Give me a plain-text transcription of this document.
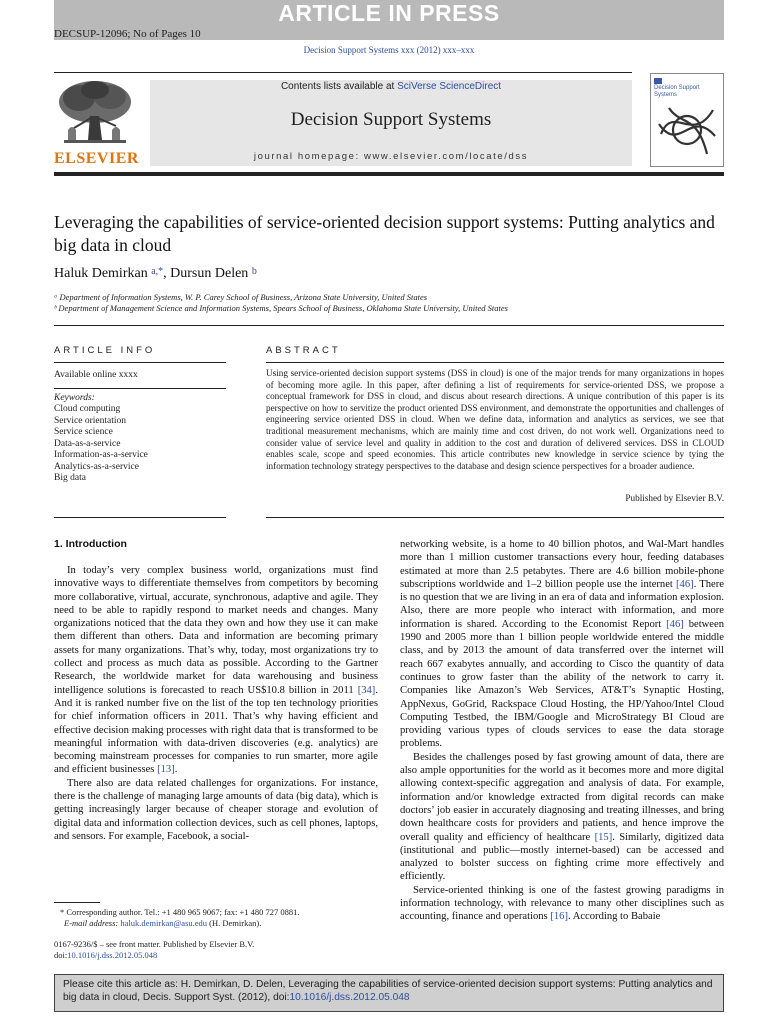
ARTICLE IN PRESS
DECSUP-12096; No of Pages 10
Decision Support Systems xxx (2012) xxx–xxx
Contents lists available at SciVerse ScienceDirect
Decision Support Systems
journal homepage: www.elsevier.com/locate/dss
ELSEVIER
Decision Support Systems
Leveraging the capabilities of service-oriented decision support systems: Putting analytics and big data in cloud
Haluk Demirkan $^{a,*}$, Dursun Delen $^b$
ᵃ Department of Information Systems, W. P. Carey School of Business, Arizona State University, United States
ᵇ Department of Management Science and Information Systems, Spears School of Business, Oklahoma State University, United States
ARTICLE INFO
Available online xxxx
Keywords:
Cloud computing
Service orientation
Service science
Data-as-a-service
Information-as-a-service
Analytics-as-a-service
Big data
ABSTRACT
Using service-oriented decision support systems (DSS in cloud) is one of the major trends for many organizations in hopes of becoming more agile. In this paper, after defining a list of requirements for service-oriented DSS, we propose a conceptual framework for DSS in cloud, and discus about research directions. A unique contribution of this paper is its perspective on how to servitize the product oriented DSS environment, and demonstrate the opportunities and challenges of engineering service oriented DSS in cloud. When we define data, information and analytics as services, we see that traditional measurement mechanisms, which are mainly time and cost driven, do not work well. Organizations need to consider value of service level and quality in addition to the cost and duration of delivered services. DSS in CLOUD enables scale, scope and speed economies. This article contributes new knowledge in service science by tying the information technology strategy perspectives to the database and design science perspectives for a broader audience.
Published by Elsevier B.V.
1. Introduction

In today’s very complex business world, organizations must find innovative ways to differentiate themselves from competitors by becoming more collaborative, virtual, accurate, synchronous, adaptive and agile. They need to be able to rapidly respond to market needs and changes. Many organizations noticed that the data they own and how they use it can make them different than others. Data and information are becoming primary assets for many organizations. That’s why, today, most organizations try to collect and process as much data as possible. According to the Gartner Research, the worldwide market for data warehousing and business intelligence solutions is forecasted to reach US$10.8 billion in 2011 [34]. And it is ranked number five on the list of the top ten technology priorities for chief information officers in 2011. That’s why having efficient and effective decision making processes with right data that is transformed to be meaningful information with data-driven discoveries (e.g. analytics) are becoming mainstream processes for companies to run smarter, more agile and efficient businesses [13].

There also are data related challenges for organizations. For instance, there is the challenge of managing large amounts of data (big data), which is getting increasingly larger because of cheaper storage and evolution of digital data and information collection devices, such as cell phones, laptops, and sensors. For example, Facebook, a social-

networking website, is a home to 40 billion photos, and Wal-Mart handles more than 1 million customer transactions every hour, feeding databases estimated at more than 2.5 petabytes. There are 4.6 billion mobile-phone subscriptions worldwide and 1–2 billion people use the internet [46]. There is no question that we are living in an era of data and information explosion. Also, there are more people who interact with information, and more information is shared. According to the Economist Report [46] between 1990 and 2005 more than 1 billion people worldwide entered the middle class, and by 2013 the amount of data transferred over the internet will reach 667 exabytes annually, and according to Cisco the quantity of data continues to grow faster than the ability of the network to carry it. Companies like Amazon’s Web Services, AT&T’s Synaptic Hosting, AppNexus, GoGrid, Rackspace Cloud Hosting, the HP/Yahoo/Intel Cloud Computing Testbed, the IBM/Google and MicroStrategy BI Cloud are providing various types of clouds services to ease the data storage problems.

Besides the challenges posed by fast growing amount of data, there are also ample opportunities for the world as it becomes more and more digital allowing context-specific aggregation and analysis of data. For example, information and/or knowledge extracted from digital records can make doctors’ job easier in accurately diagnosing and treating illnesses, and bring down healthcare costs for providers and patients, and hence improve the overall quality and efficiency of healthcare [15]. Similarly, digitized data (institutional and public—mostly internet-based) can be accessed and analyzed to bolster success on fighting crime more effectively and efficiently.

Service-oriented thinking is one of the fastest growing paradigms in information technology, with relevance to many other disciplines such as accounting, finance and operations [16]. According to Babaie

* Corresponding author. Tel.: +1 480 965 9067; fax: +1 480 727 0881.
E-mail address: haluk.demirkan@asu.edu (H. Demirkan).
0167-9236/$ – see front matter. Published by Elsevier B.V.
doi:10.1016/j.dss.2012.05.048
Please cite this article as: H. Demirkan, D. Delen, Leveraging the capabilities of service-oriented decision support systems: Putting analytics and big data in cloud, Decis. Support Syst. (2012), doi:10.1016/j.dss.2012.05.048
